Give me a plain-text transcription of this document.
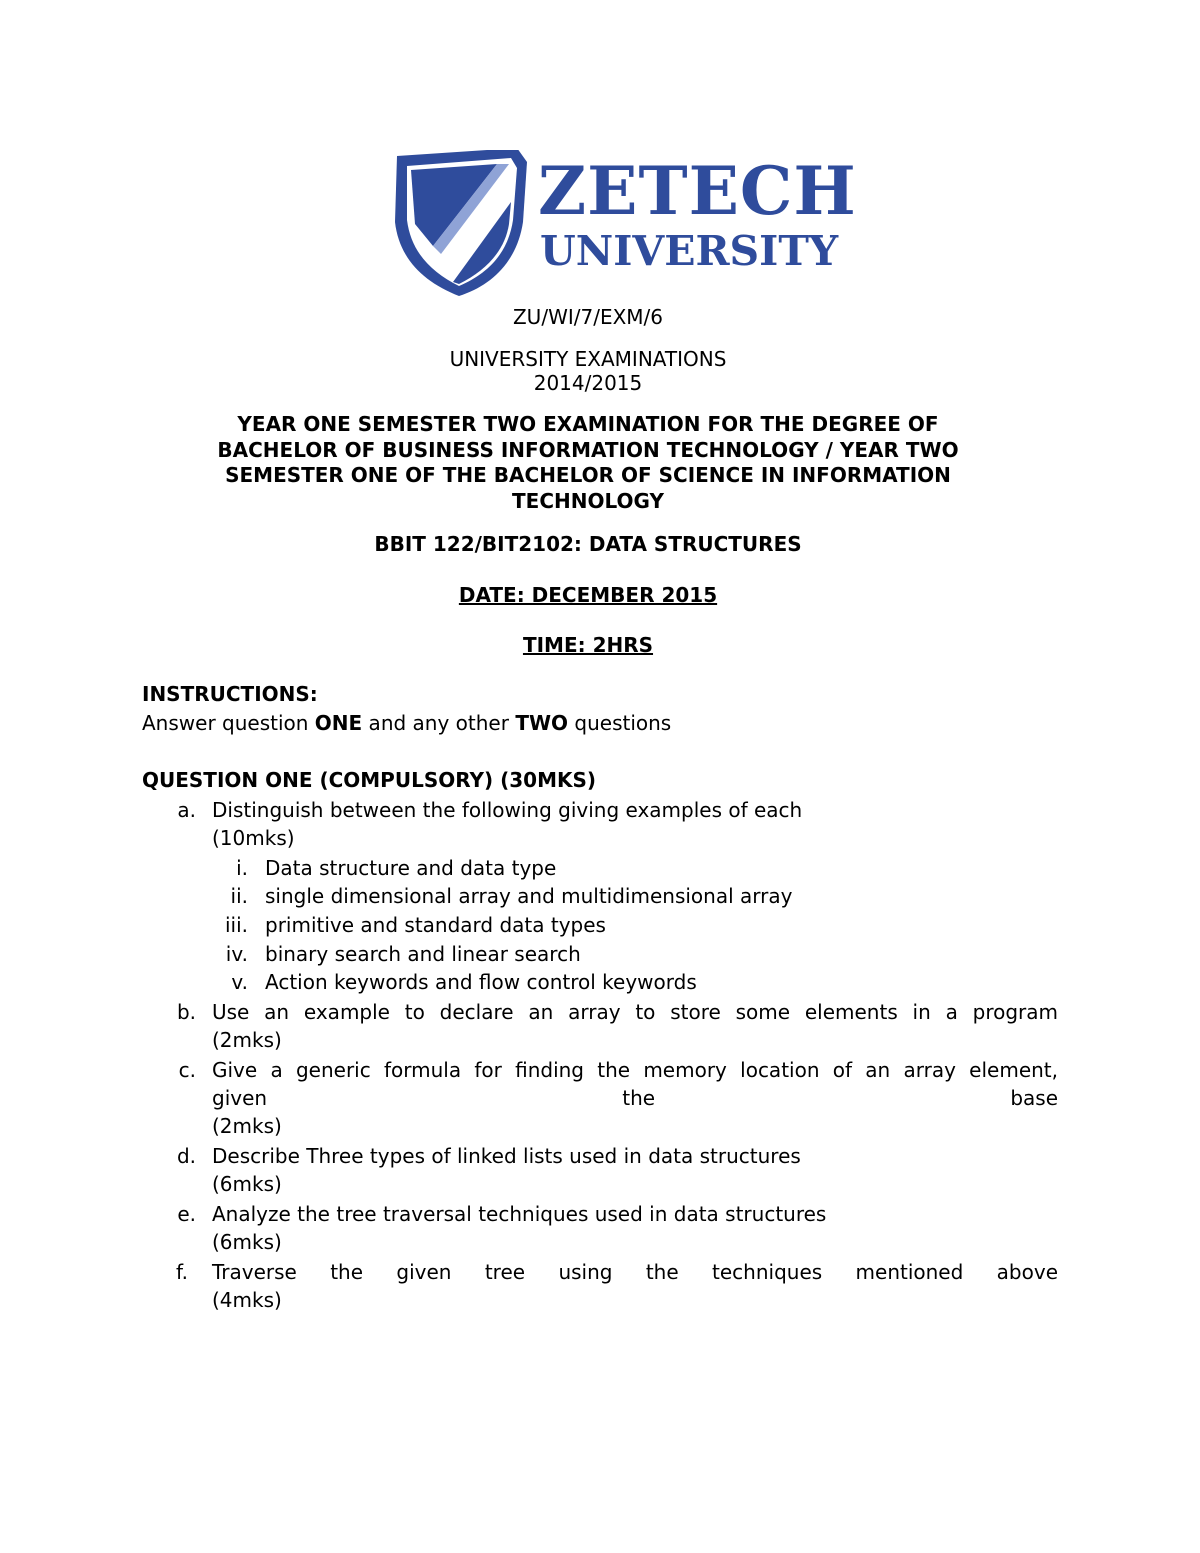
ZETECH
UNIVERSITY
ZU/WI/7/EXM/6
UNIVERSITY EXAMINATIONS
2014/2015
YEAR ONE SEMESTER TWO EXAMINATION FOR THE DEGREE OF
BACHELOR OF BUSINESS INFORMATION TECHNOLOGY / YEAR TWO
SEMESTER ONE OF THE BACHELOR OF SCIENCE IN INFORMATION
TECHNOLOGY
BBIT 122/BIT2102: DATA STRUCTURES
DATE: DECEMBER 2015
TIME: 2HRS
INSTRUCTIONS:
Answer question ONE and any other TWO questions
QUESTION ONE (COMPULSORY) (30MKS)
a. Distinguish between the following giving examples of each
(10mks)
i. Data structure and data type
ii. single dimensional array and multidimensional array
iii. primitive and standard data types
iv. binary search and linear search
v. Action keywords and flow control keywords
b. Use an example to declare an array to store some elements in a program
(2mks)
c. Give a generic formula for finding the memory location of an array element,
given the base
(2mks)
d. Describe Three types of linked lists used in data structures
(6mks)
e. Analyze the tree traversal techniques used in data structures
(6mks)
f.	Traverse the given tree using the techniques mentioned above
(4mks)
